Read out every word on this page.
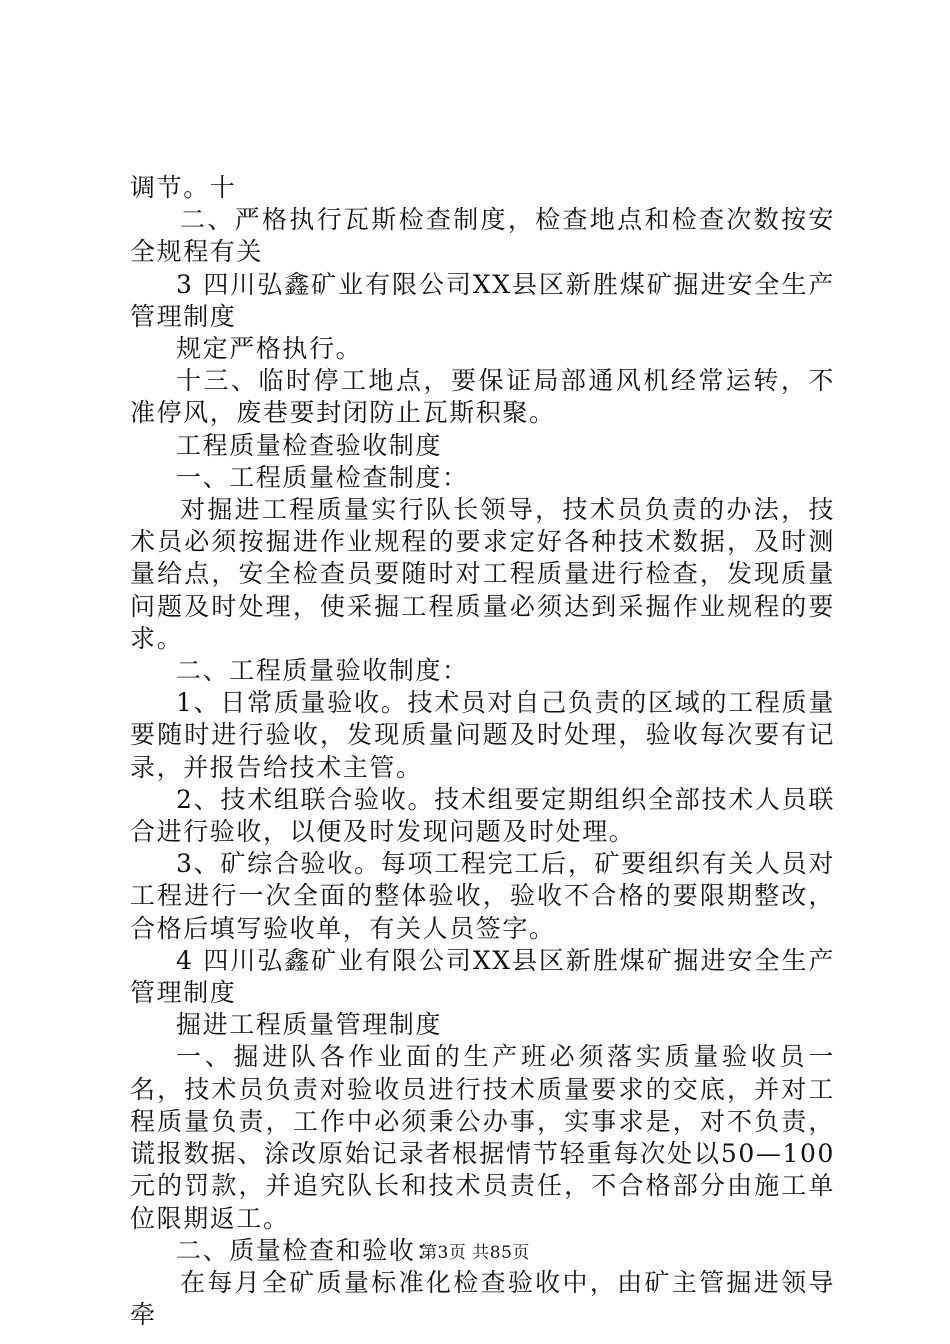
调节。十

二、严格执行瓦斯检查制度，检查地点和检查次数按安全规程有关

3 四川弘鑫矿业有限公司XX县区新胜煤矿掘进安全生产管理制度

规定严格执行。

十三、临时停工地点，要保证局部通风机经常运转，不准停风，废巷要封闭防止瓦斯积聚。

工程质量检查验收制度

一、工程质量检查制度：

对掘进工程质量实行队长领导，技术员负责的办法，技术员必须按掘进作业规程的要求定好各种技术数据，及时测量给点，安全检查员要随时对工程质量进行检查，发现质量问题及时处理，使采掘工程质量必须达到采掘作业规程的要求。

二、工程质量验收制度：

1、日常质量验收。技术员对自己负责的区域的工程质量要随时进行验收，发现质量问题及时处理，验收每次要有记录，并报告给技术主管。

2、技术组联合验收。技术组要定期组织全部技术人员联合进行验收，以便及时发现问题及时处理。

3、矿综合验收。每项工程完工后，矿要组织有关人员对工程进行一次全面的整体验收，验收不合格的要限期整改，合格后填写验收单，有关人员签字。

4 四川弘鑫矿业有限公司XX县区新胜煤矿掘进安全生产管理制度

掘进工程质量管理制度

一、掘进队各作业面的生产班必须落实质量验收员一名，技术员负责对验收员进行技术质量要求的交底，并对工程质量负责，工作中必须秉公办事，实事求是，对不负责，谎报数据、涂改原始记录者根据情节轻重每次处以50—100元的罚款，并追究队长和技术员责任，不合格部分由施工单位限期返工。

二、质量检查和验收：

在每月全矿质量标准化检查验收中，由矿主管掘进领导牵

第3页 共85页
